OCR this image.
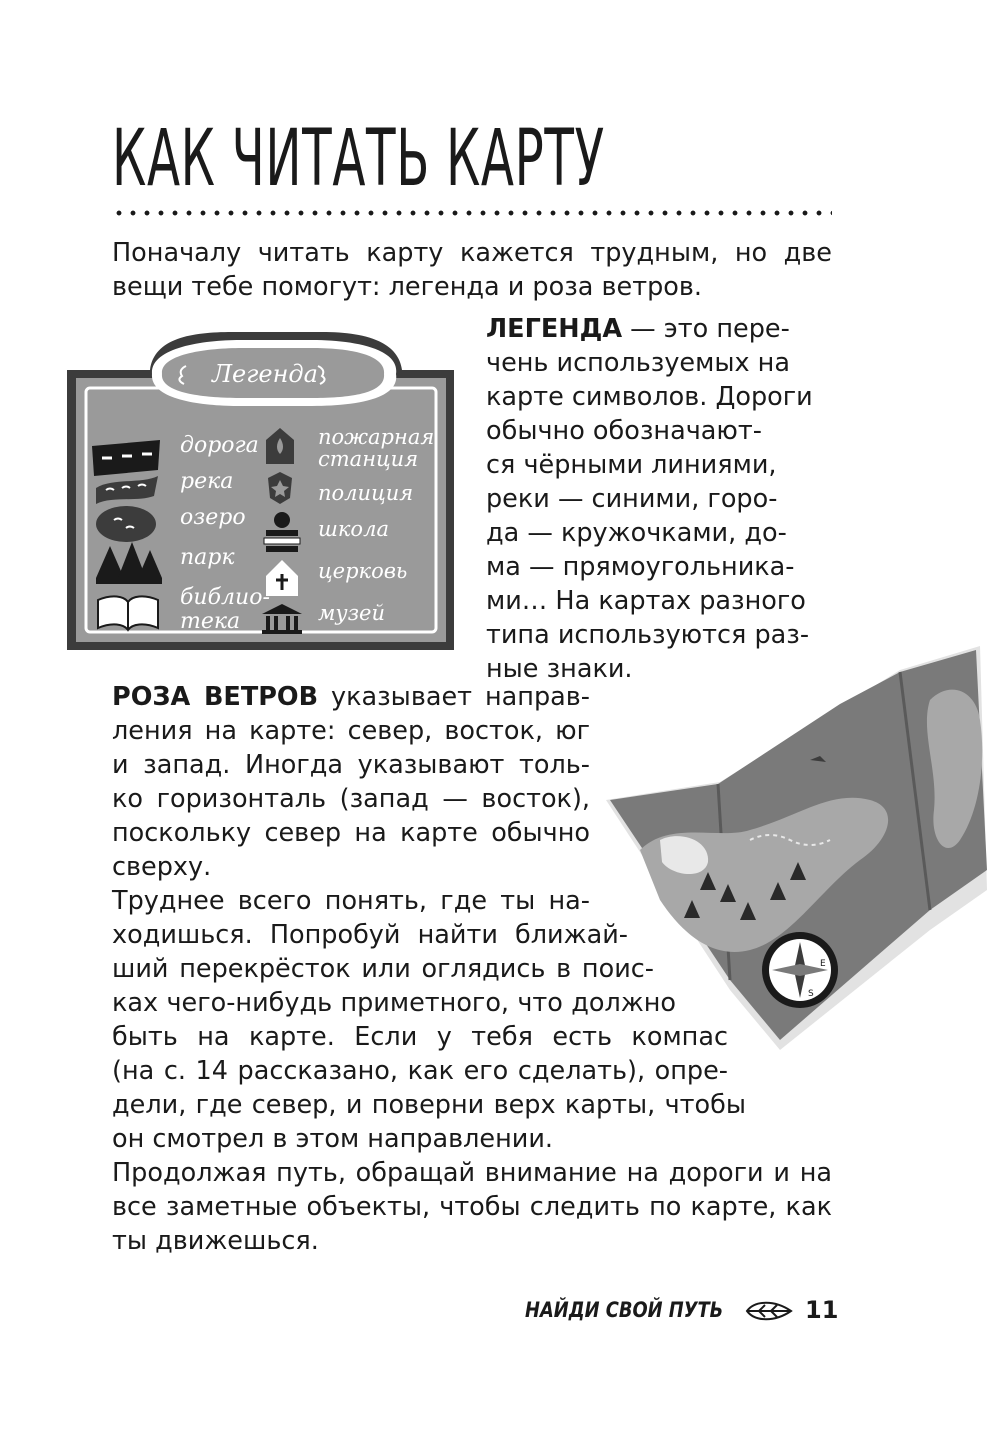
КАК ЧИТАТЬ КАРТУ
Поначалу читать карту кажется трудным, но две
вещи тебе помогут: легенда и роза ветров.
Легенда
дорога
река
озеро
парк
библио-
тека
пожарная
станция
полиция
школа
церковь
музей
ЛЕГЕНДА — это пере-
чень используемых на
карте символов. Дороги
обычно обозначают-
ся чёрными линиями,
реки — синими, горо-
да — кружочками, до-
ма — прямоугольника-
ми… На картах разного
типа используются раз-
ные знаки.
E
S
РОЗА ВЕТРОВ указывает направ-
ления на карте: север, восток, юг
и запад. Иногда указывают толь-
ко горизонталь (запад — восток),
поскольку север на карте обычно
сверху.
Труднее всего понять, где ты на-
ходишься. Попробуй найти ближай-
ший перекрёсток или оглядись в поис-
ках чего-нибудь приметного, что должно
быть на карте. Если у тебя есть компас
(на с. 14 рассказано, как его сделать), опре-
дели, где север, и поверни верх карты, чтобы
он смотрел в этом направлении.
Продолжая путь, обращай внимание на дороги и на
все заметные объекты, чтобы следить по карте, как
ты движешься.
НАЙДИ СВОЙ ПУТЬ	11
